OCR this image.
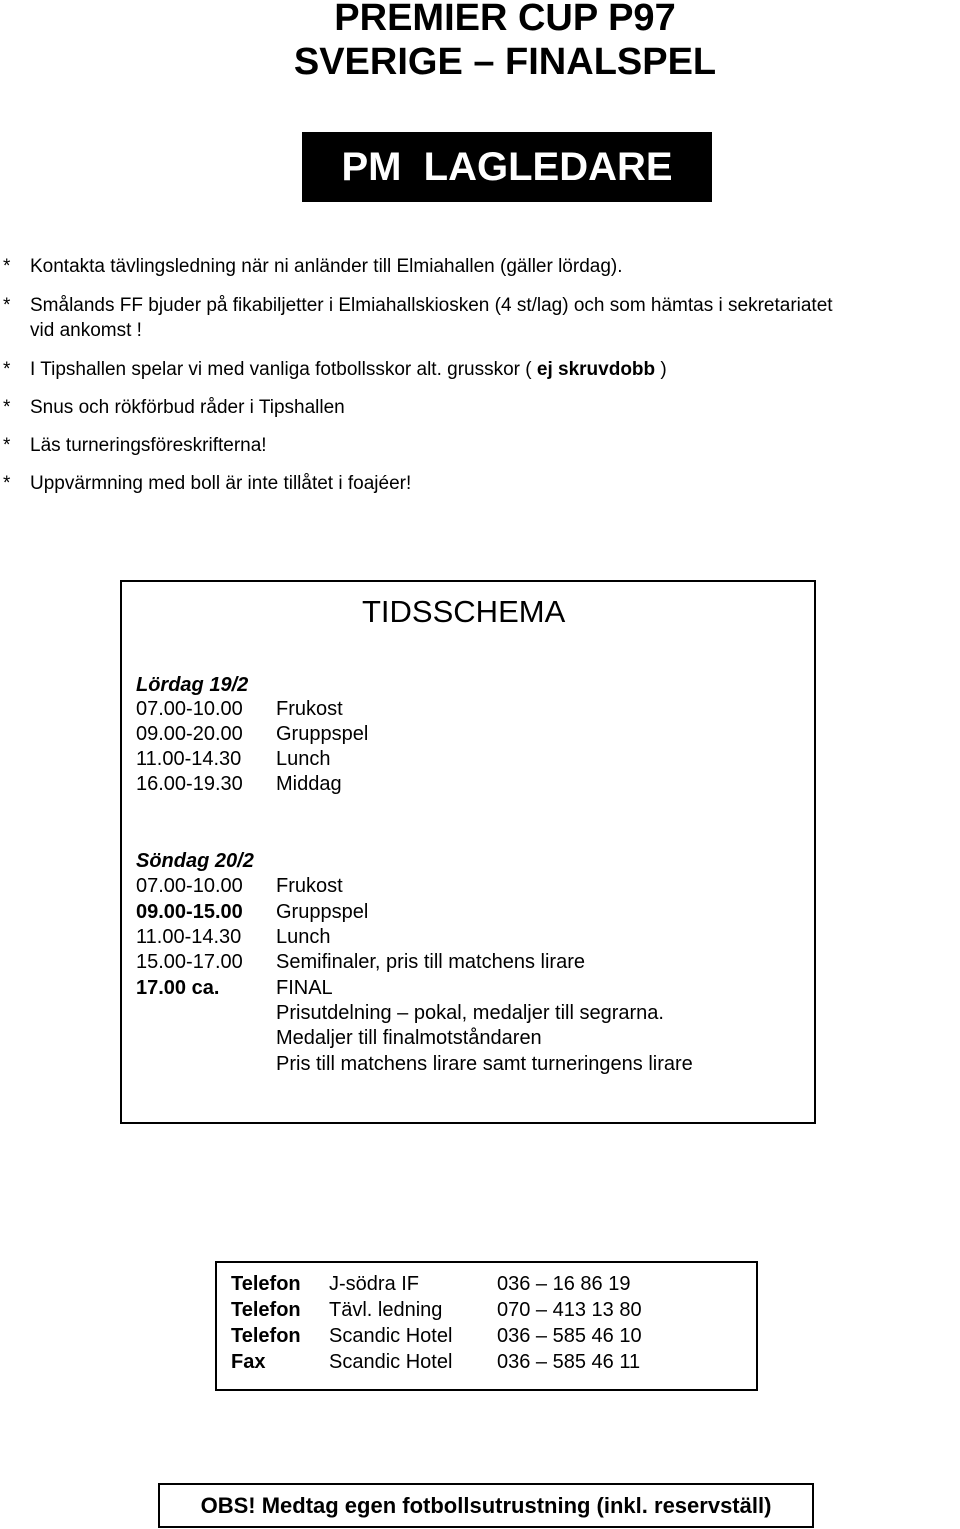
PREMIER CUP P97
SVERIGE – FINALSPEL
PM  LAGLEDARE
* Kontakta tävlingsledning när ni anländer till Elmiahallen (gäller lördag).
* Smålands FF bjuder på fikabiljetter i Elmiahallskiosken (4 st/lag) och som hämtas i sekretariatet
vid ankomst !
* I Tipshallen spelar vi med vanliga fotbollsskor alt. grusskor ( ej skruvdobb )
* Snus och rökförbud råder i Tipshallen
* Läs turneringsföreskrifterna!
* Uppvärmning med boll är inte tillåtet i foajéer!
TIDSSCHEMA
Lördag 19/2
07.00-10.00 Frukost
09.00-20.00 Gruppspel
11.00-14.30 Lunch
16.00-19.30 Middag
Söndag 20/2
07.00-10.00 Frukost
09.00-15.00 Gruppspel
11.00-14.30 Lunch
15.00-17.00 Semifinaler, pris till matchens lirare
17.00 ca.	FINAL
Prisutdelning – pokal, medaljer till segrarna.
Medaljer till finalmotståndaren
Pris till matchens lirare samt turneringens lirare
Telefon J-södra IF	036 – 16 86 19
Telefon Tävl. ledning	070 – 413 13 80
Telefon Scandic Hotel 036 – 585 46 10
Fax	Scandic Hotel 036 – 585 46 11
OBS! Medtag egen fotbollsutrustning (inkl. reservställ)
